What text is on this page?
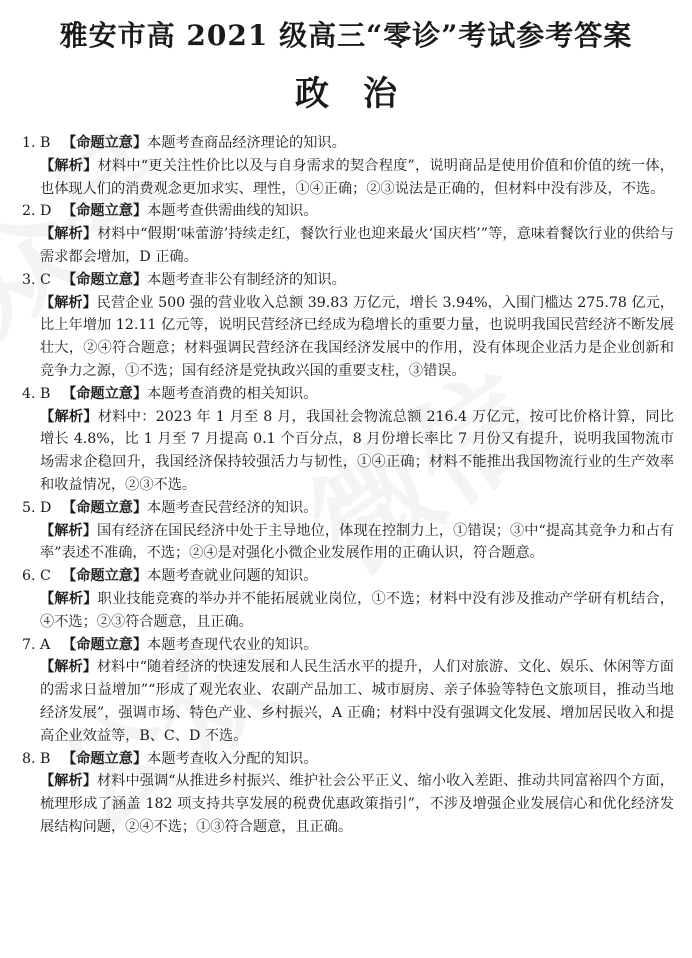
雅安市高 2021 级高三“零诊”考试参考答案
政治
1. B 【命题立意】本题考查商品经济理论的知识。
【解析】材料中“更关注性价比以及与自身需求的契合程度”，说明商品是使用价值和价值的统一体，也体现人们的消费观念更加求实、理性，①④正确；②③说法是正确的，但材料中没有涉及，不选。
2. D 【命题立意】本题考查供需曲线的知识。
【解析】材料中“假期‘味蕾游’持续走红，餐饮行业也迎来最火‘国庆档’”等，意味着餐饮行业的供给与需求都会增加，D 正确。
3. C 【命题立意】本题考查非公有制经济的知识。
【解析】民营企业 500 强的营业收入总额 39.83 万亿元，增长 3.94%，入围门槛达 275.78 亿元，比上年增加 12.11 亿元等，说明民营经济已经成为稳增长的重要力量，也说明我国民营经济不断发展壮大，②④符合题意；材料强调民营经济在我国经济发展中的作用，没有体现企业活力是企业创新和竞争力之源，①不选；国有经济是党执政兴国的重要支柱，③错误。
4. B 【命题立意】本题考查消费的相关知识。
【解析】材料中：2023 年 1 月至 8 月，我国社会物流总额 216.4 万亿元，按可比价格计算，同比增长 4.8%，比 1 月至 7 月提高 0.1 个百分点，8 月份增长率比 7 月份又有提升，说明我国物流市场需求企稳回升，我国经济保持较强活力与韧性，①④正确；材料不能推出我国物流行业的生产效率和收益情况，②③不选。
5. D 【命题立意】本题考查民营经济的知识。
【解析】国有经济在国民经济中处于主导地位，体现在控制力上，①错误；③中“提高其竞争力和占有率”表述不准确，不选；②④是对强化小微企业发展作用的正确认识，符合题意。
6. C 【命题立意】本题考查就业问题的知识。
【解析】职业技能竞赛的举办并不能拓展就业岗位，①不选；材料中没有涉及推动产学研有机结合，④不选；②③符合题意，且正确。
7. A 【命题立意】本题考查现代农业的知识。
【解析】材料中“随着经济的快速发展和人民生活水平的提升，人们对旅游、文化、娱乐、休闲等方面的需求日益增加”“形成了观光农业、农副产品加工、城市厨房、亲子体验等特色文旅项目，推动当地经济发展”，强调市场、特色产业、乡村振兴，A 正确；材料中没有强调文化发展、增加居民收入和提高企业效益等，B、C、D 不选。
8. B 【命题立意】本题考查收入分配的知识。
【解析】材料中强调“从推进乡村振兴、维护社会公平正义、缩小收入差距、推动共同富裕四个方面，梳理形成了涵盖 182 项支持共享发展的税费优惠政策指引”，不涉及增强企业发展信心和优化经济发展结构问题，②④不选；①③符合题意，且正确。
